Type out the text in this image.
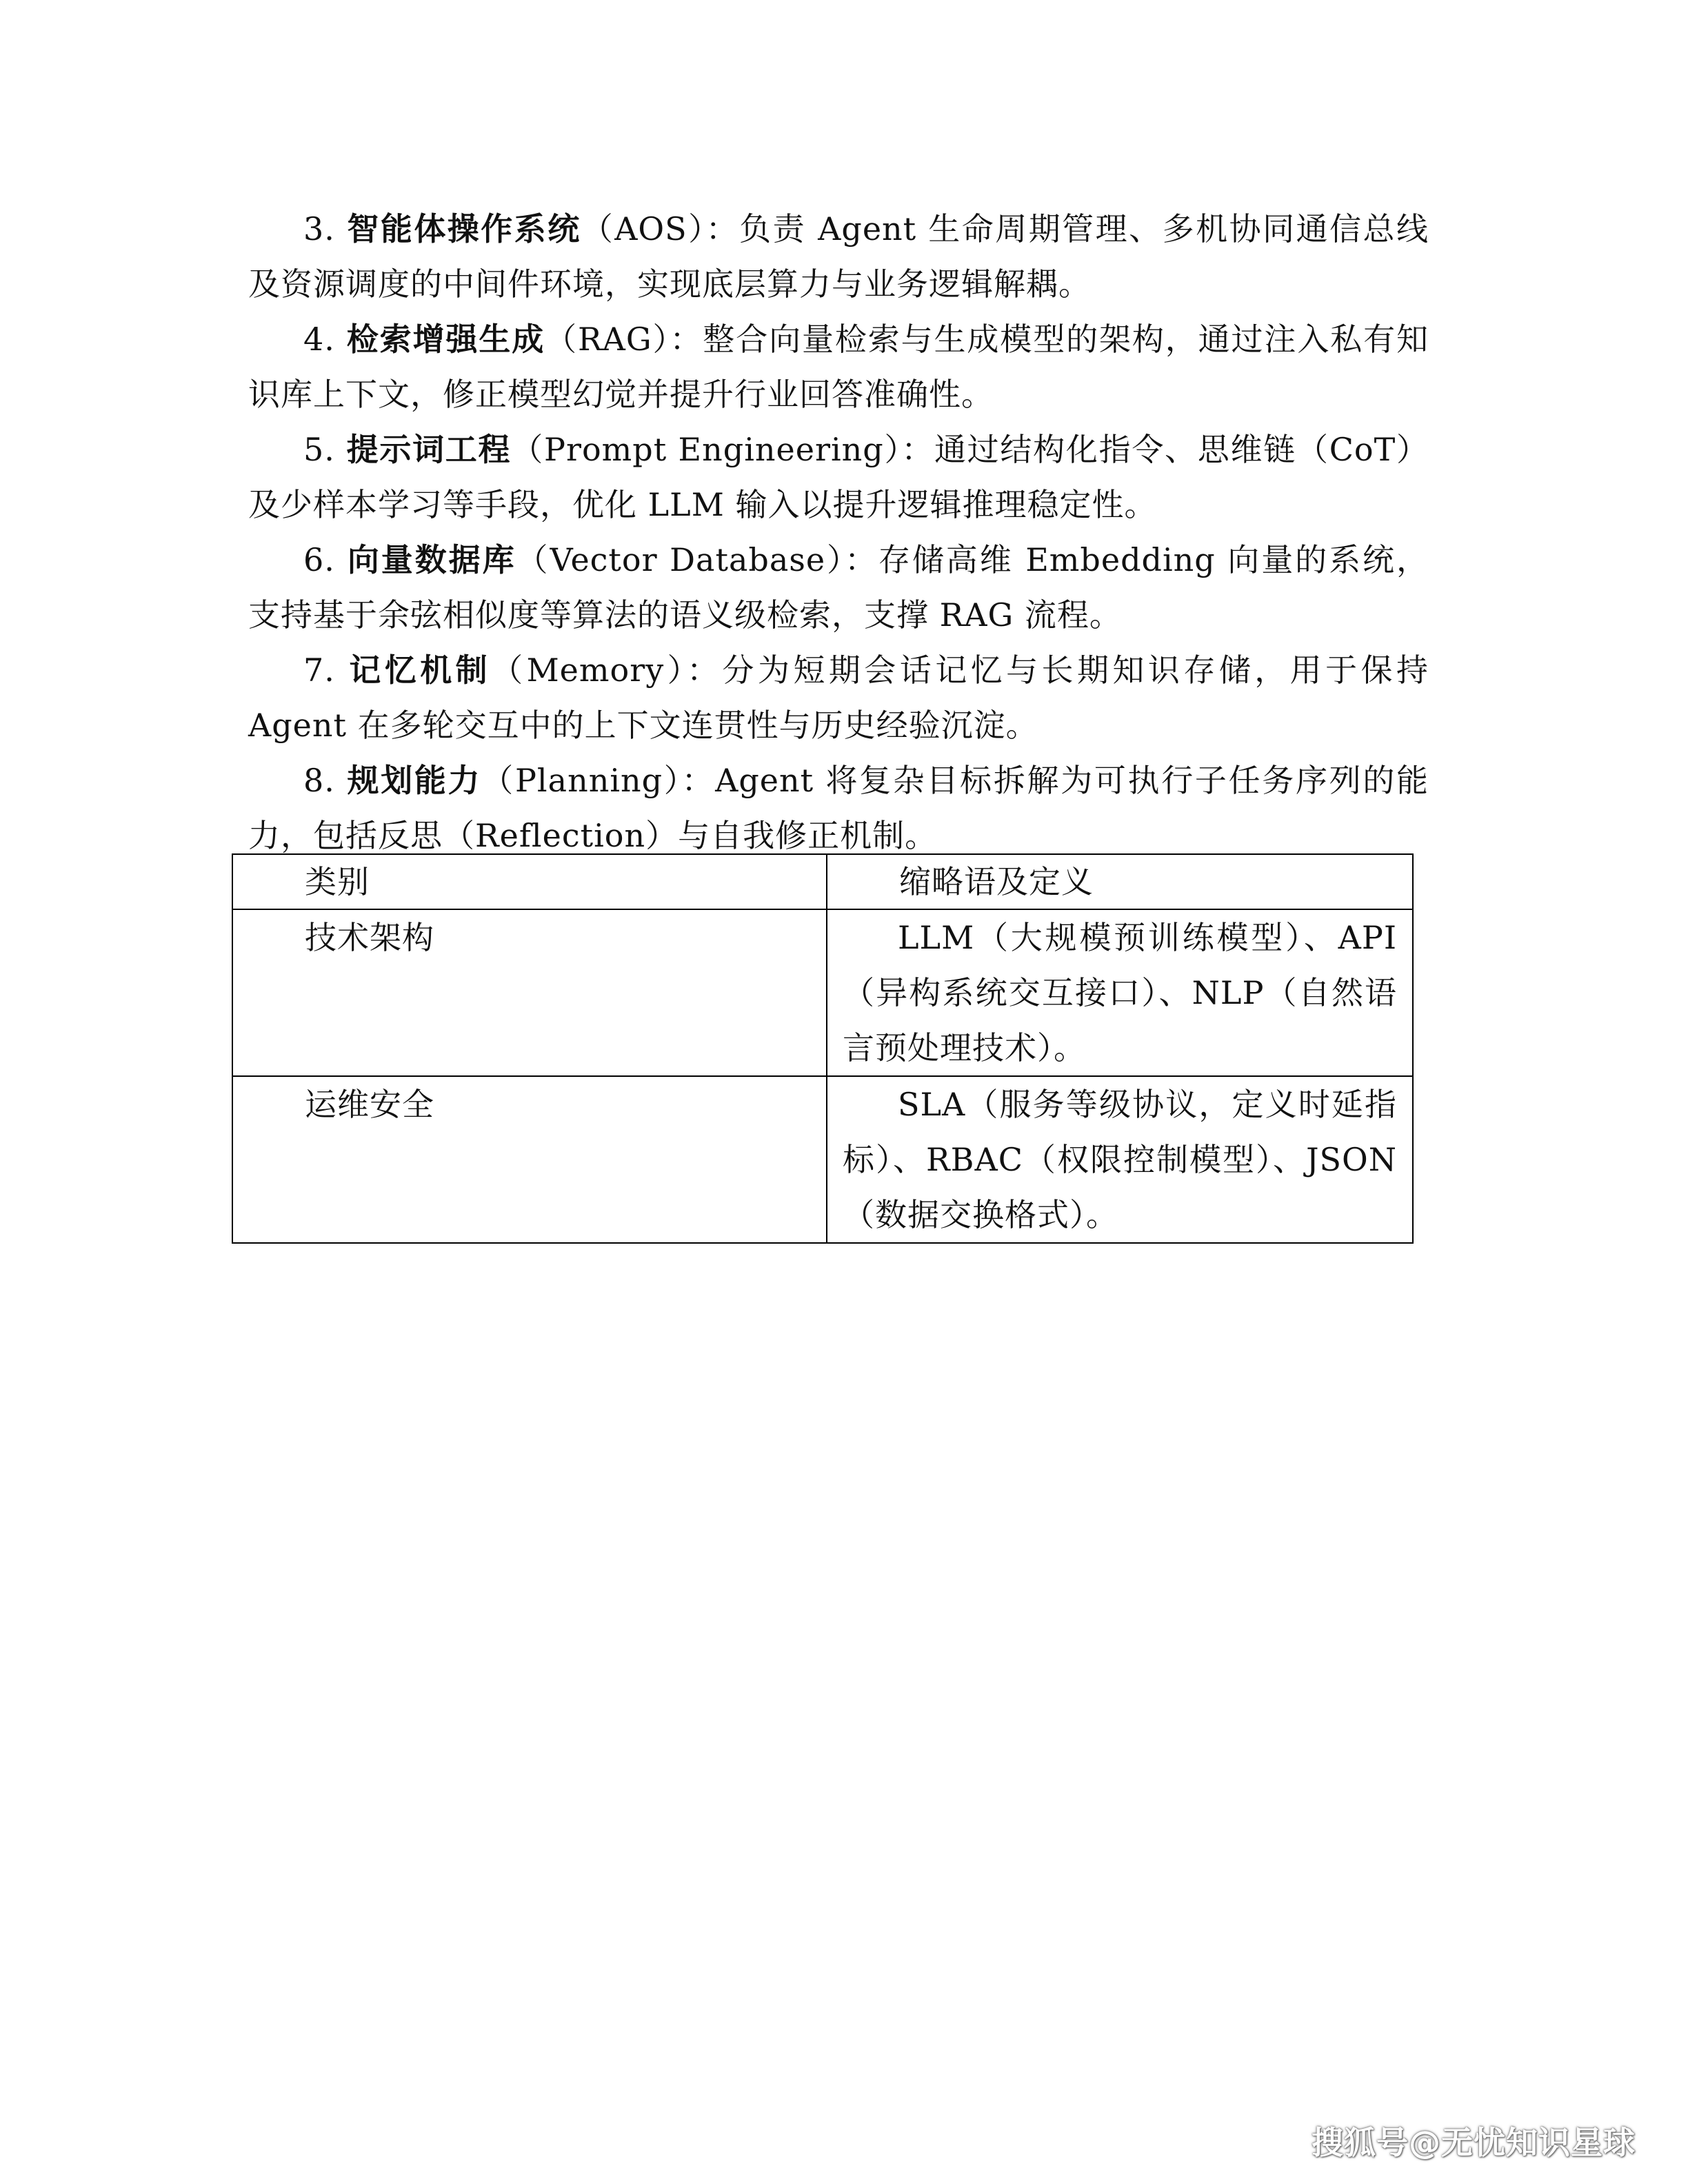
3. 智能体操作系统（AOS）：负责 Agent 生命周期管理、多机协同通信总线及资源调度的中间件环境，实现底层算力与业务逻辑解耦。

4. 检索增强生成（RAG）：整合向量检索与生成模型的架构，通过注入私有知识库上下文，修正模型幻觉并提升行业回答准确性。

5. 提示词工程（Prompt Engineering）：通过结构化指令、思维链（CoT）及少样本学习等手段，优化 LLM 输入以提升逻辑推理稳定性。

6. 向量数据库（Vector Database）：存储高维 Embedding 向量的系统，支持基于余弦相似度等算法的语义级检索，支撑 RAG 流程。

7. 记忆机制（Memory）：分为短期会话记忆与长期知识存储，用于保持 Agent 在多轮交互中的上下文连贯性与历史经验沉淀。

8. 规划能力（Planning）：Agent 将复杂目标拆解为可执行子任务序列的能力，包括反思（Reflection）与自我修正机制。

类别	缩略语及定义
技术架构	LLM（大规模预训练模型）、API（异构系统交互接口）、NLP（自然语言预处理技术）。
运维安全	SLA（服务等级协议，定义时延指标）、RBAC（权限控制模型）、JSON（数据交换格式）。
搜狐号@无忧知识星球
